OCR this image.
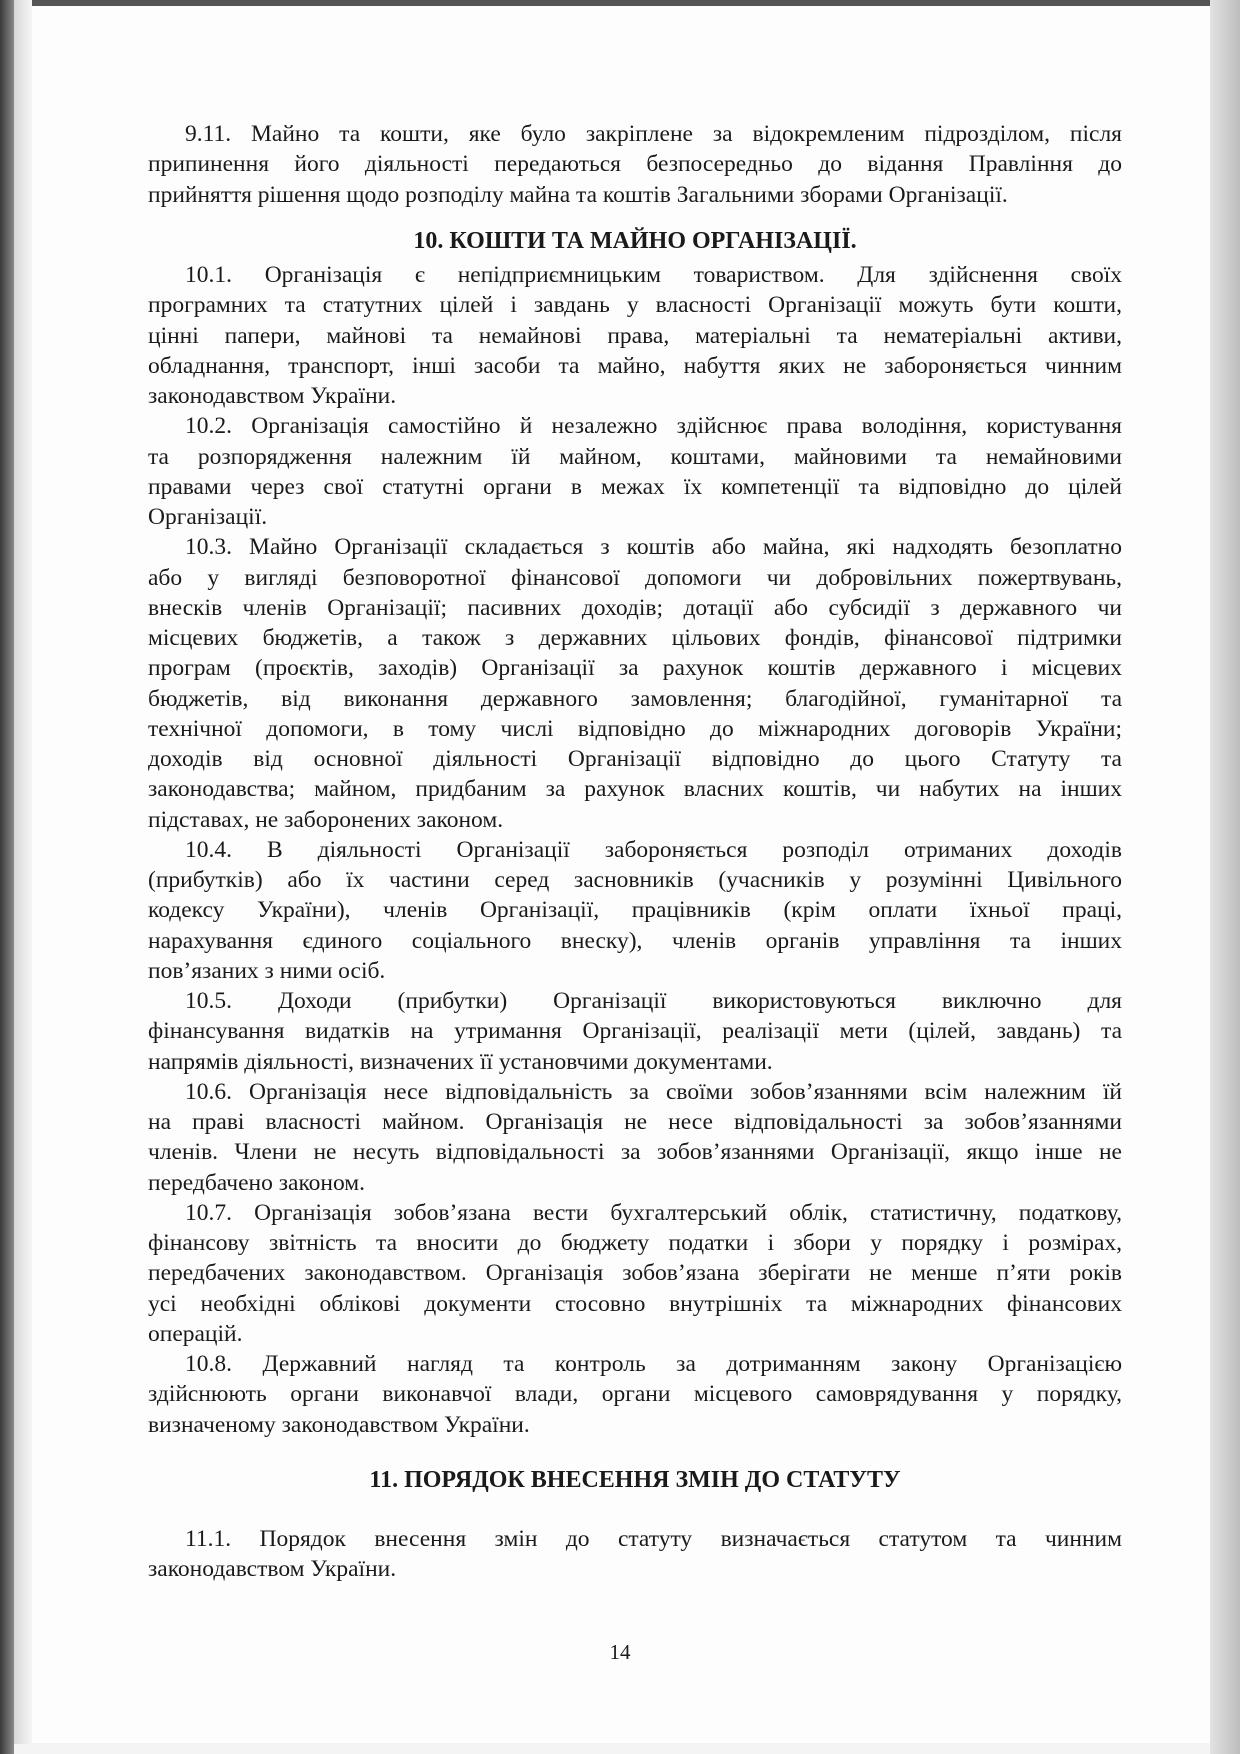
9.11. Майно та кошти, яке було закріплене за відокремленим підрозділом, після
припинення його діяльності передаються безпосередньо до відання Правління до
прийняття рішення щодо розподілу майна та коштів Загальними зборами Організації.
10. КОШТИ ТА МАЙНО ОРГАНІЗАЦІЇ.
10.1. Організація є непідприємницьким товариством. Для здійснення своїх
програмних та статутних цілей і завдань у власності Організації можуть бути кошти,
цінні папери, майнові та немайнові права, матеріальні та нематеріальні активи,
обладнання, транспорт, інші засоби та майно, набуття яких не забороняється чинним
законодавством України.
10.2. Організація самостійно й незалежно здійснює права володіння, користування
та розпорядження належним їй майном, коштами, майновими та немайновими
правами через свої статутні органи в межах їх компетенції та відповідно до цілей
Організації.
10.3. Майно Організації складається з коштів або майна, які надходять безоплатно
або у вигляді безповоротної фінансової допомоги чи добровільних пожертвувань,
внесків членів Організації; пасивних доходів; дотації або субсидії з державного чи
місцевих бюджетів, а також з державних цільових фондів, фінансової підтримки
програм (проєктів, заходів) Організації за рахунок коштів державного і місцевих
бюджетів, від виконання державного замовлення; благодійної, гуманітарної та
технічної допомоги, в тому числі відповідно до міжнародних договорів України;
доходів від основної діяльності Організації відповідно до цього Статуту та
законодавства; майном, придбаним за рахунок власних коштів, чи набутих на інших
підставах, не заборонених законом.
10.4. В діяльності Організації забороняється розподіл отриманих доходів
(прибутків) або їх частини серед засновників (учасників у розумінні Цивільного
кодексу України), членів Організації, працівників (крім оплати їхньої праці,
нарахування єдиного соціального внеску), членів органів управління та інших
пов’язаних з ними осіб.
10.5. Доходи (прибутки) Організації використовуються виключно для
фінансування видатків на утримання Організації, реалізації мети (цілей, завдань) та
напрямів діяльності, визначених її установчими документами.
10.6. Організація несе відповідальність за своїми зобов’язаннями всім належним їй
на праві власності майном. Організація не несе відповідальності за зобов’язаннями
членів. Члени не несуть відповідальності за зобов’язаннями Організації, якщо інше не
передбачено законом.
10.7. Організація зобов’язана вести бухгалтерський облік, статистичну, податкову,
фінансову звітність та вносити до бюджету податки і збори у порядку і розмірах,
передбачених законодавством. Організація зобов’язана зберігати не менше п’яти років
усі необхідні облікові документи стосовно внутрішніх та міжнародних фінансових
операцій.
10.8. Державний нагляд та контроль за дотриманням закону Організацією
здійснюють органи виконавчої влади, органи місцевого самоврядування у порядку,
визначеному законодавством України.
11. ПОРЯДОК ВНЕСЕННЯ ЗМІН ДО СТАТУТУ
11.1. Порядок внесення змін до статуту визначається статутом та чинним
законодавством України.
14
